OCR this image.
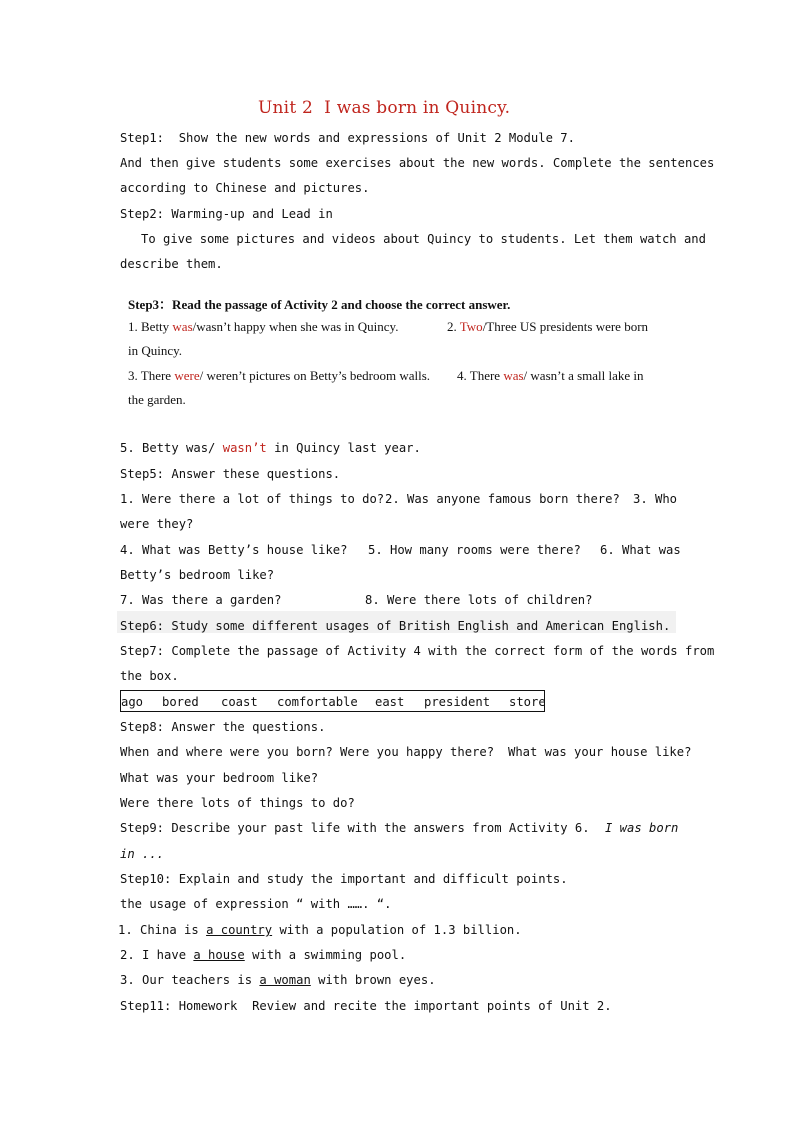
Unit 2  I was born in Quincy.
Step1:  Show the new words and expressions of Unit 2 Module 7.
And then give students some exercises about the new words. Complete the sentences
according to Chinese and pictures.
Step2: Warming-up and Lead in
To give some pictures and videos about Quincy to students. Let them watch and
describe them.
Step3：Read the passage of Activity 2 and choose the correct answer.
1. Betty was/wasn’t happy when she was in Quincy.	2. Two/Three US presidents were born
in Quincy.
3. There were/ weren’t pictures on Betty’s bedroom walls. 4. There was/ wasn’t a small lake in
the garden.
5. Betty was/ wasn’t in Quincy last year.
Step5: Answer these questions.
1. Were there a lot of things to do? 2. Was anyone famous born there? 3. Who
were they?
4. What was Betty’s house like? 5. How many rooms were there? 6. What was
Betty’s bedroom like?
7. Was there a garden?	8. Were there lots of children?
Step6: Study some different usages of British English and American English.
Step7: Complete the passage of Activity 4 with the correct form of the words from
the box.
ago bored coast comfortable east president store
Step8: Answer the questions.
When and where were you born? Were you happy there? What was your house like?
What was your bedroom like?
Were there lots of things to do?
Step9: Describe your past life with the answers from Activity 6. I was born
in ...
Step10: Explain and study the important and difficult points.
the usage of expression “ with ……. “.
1. China is a country with a population of 1.3 billion.
2. I have a house with a swimming pool.
3. Our teachers is a woman with brown eyes.
Step11: Homework  Review and recite the important points of Unit 2.
